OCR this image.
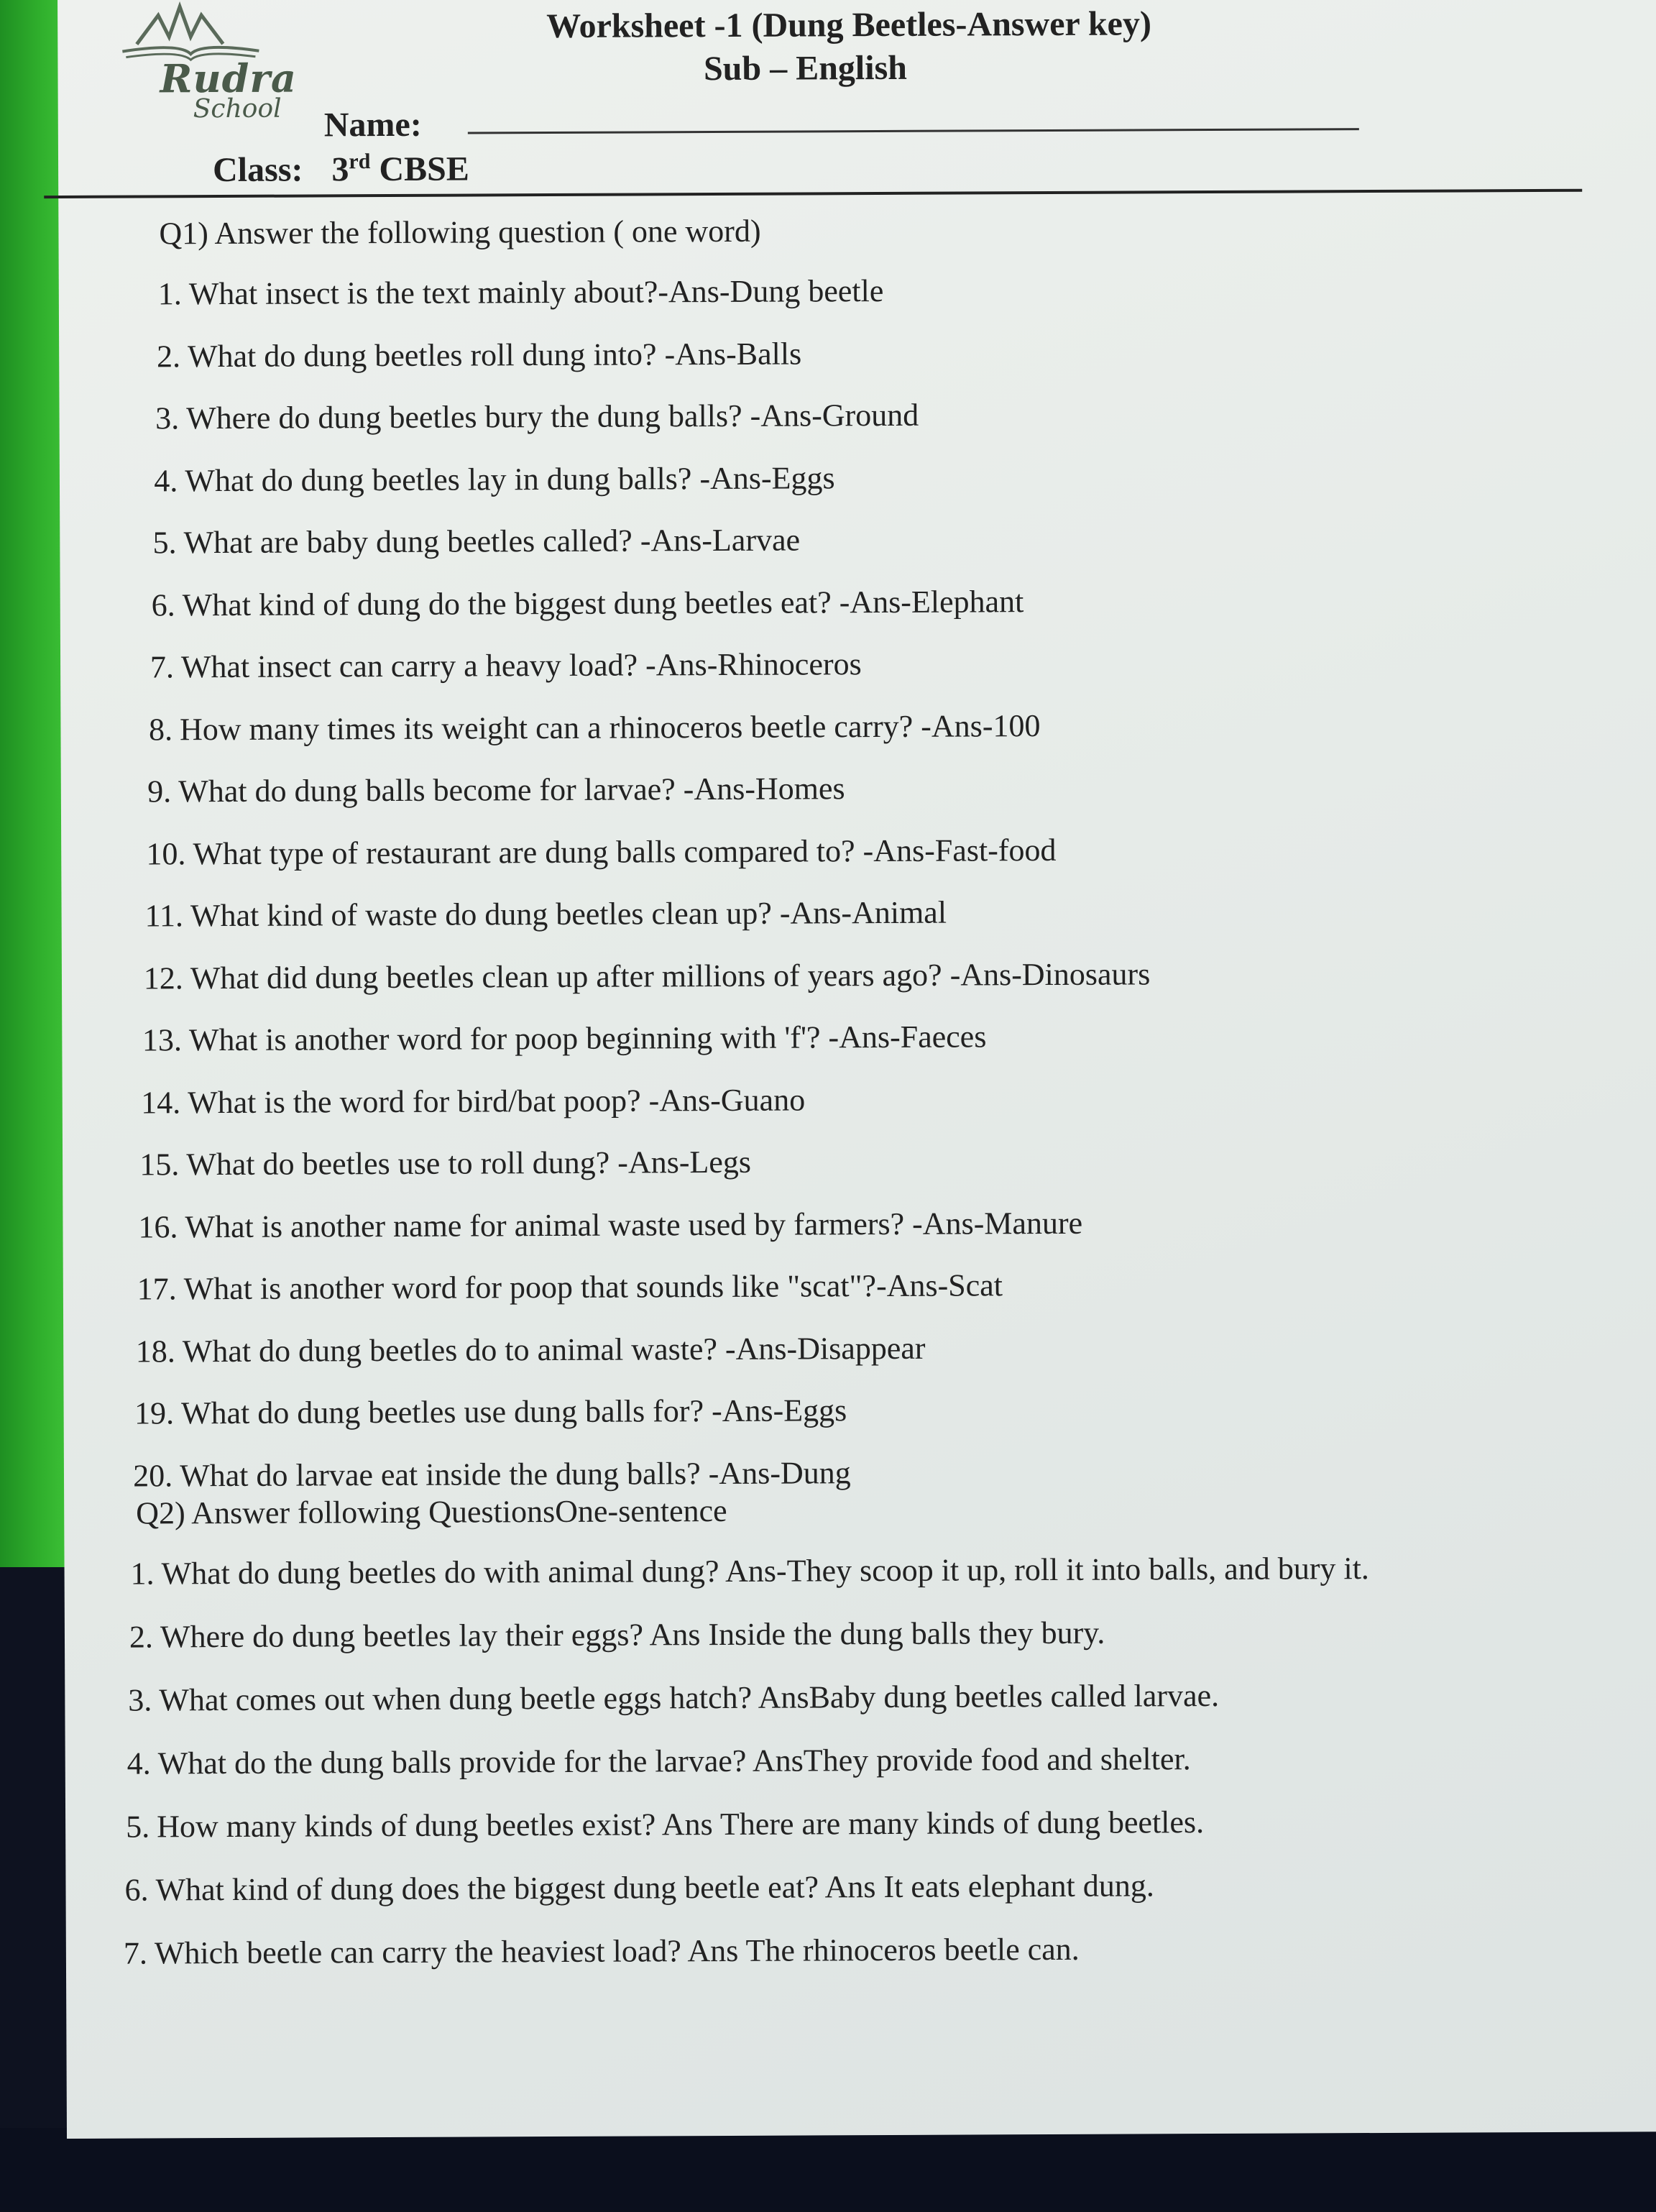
Rudra
School
Worksheet -1 (Dung Beetles-Answer key)
Sub – English
Name:
Class: 3rd CBSE
Q1) Answer the following question ( one word)
1. What insect is the text mainly about?-Ans-Dung beetle
2. What do dung beetles roll dung into? -Ans-Balls
3. Where do dung beetles bury the dung balls? -Ans-Ground
4. What do dung beetles lay in dung balls? -Ans-Eggs
5. What are baby dung beetles called? -Ans-Larvae
6. What kind of dung do the biggest dung beetles eat? -Ans-Elephant
7. What insect can carry a heavy load? -Ans-Rhinoceros
8. How many times its weight can a rhinoceros beetle carry? -Ans-100
9. What do dung balls become for larvae? -Ans-Homes
10. What type of restaurant are dung balls compared to? -Ans-Fast-food
11. What kind of waste do dung beetles clean up? -Ans-Animal
12. What did dung beetles clean up after millions of years ago? -Ans-Dinosaurs
13. What is another word for poop beginning with 'f'? -Ans-Faeces
14. What is the word for bird/bat poop? -Ans-Guano
15. What do beetles use to roll dung? -Ans-Legs
16. What is another name for animal waste used by farmers? -Ans-Manure
17. What is another word for poop that sounds like "scat"?-Ans-Scat
18. What do dung beetles do to animal waste? -Ans-Disappear
19. What do dung beetles use dung balls for? -Ans-Eggs
20. What do larvae eat inside the dung balls? -Ans-Dung
Q2) Answer following QuestionsOne-sentence
1. What do dung beetles do with animal dung? Ans-They scoop it up, roll it into balls, and bury it.
2. Where do dung beetles lay their eggs? Ans Inside the dung balls they bury.
3. What comes out when dung beetle eggs hatch? AnsBaby dung beetles called larvae.
4. What do the dung balls provide for the larvae? AnsThey provide food and shelter.
5. How many kinds of dung beetles exist? Ans There are many kinds of dung beetles.
6. What kind of dung does the biggest dung beetle eat? Ans It eats elephant dung.
7. Which beetle can carry the heaviest load? Ans The rhinoceros beetle can.
